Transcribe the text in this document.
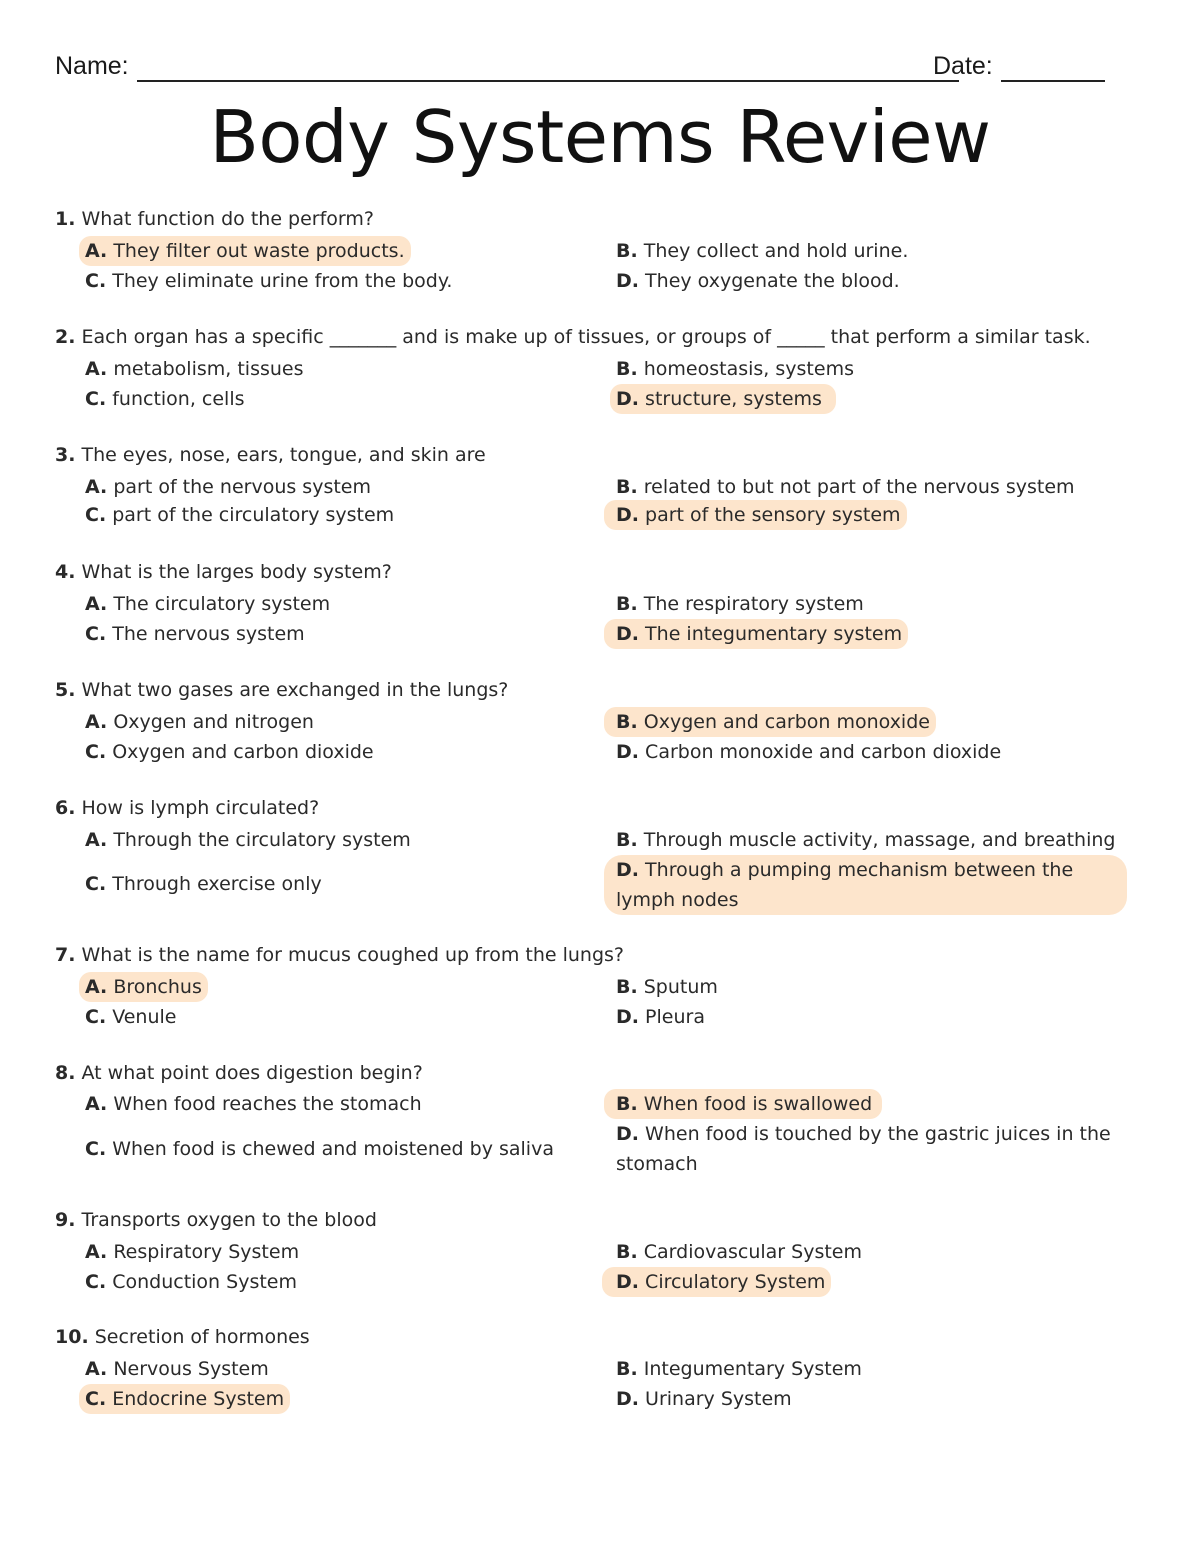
Name:	Date:
Body Systems Review
1. What function do the perform?
A. They filter out waste products.	B. They collect and hold urine.
C. They eliminate urine from the body.	D. They oxygenate the blood.
2. Each organ has a specific _______ and is make up of tissues, or groups of _____ that perform a similar task.
A. metabolism, tissues	B. homeostasis, systems
C. function, cells	D. structure, systems
3. The eyes, nose, ears, tongue, and skin are
A. part of the nervous system	B. related to but not part of the nervous system
C. part of the circulatory system	D. part of the sensory system
4. What is the larges body system?
A. The circulatory system	B. The respiratory system
C. The nervous system	D. The integumentary system
5. What two gases are exchanged in the lungs?
A. Oxygen and nitrogen	B. Oxygen and carbon monoxide
C. Oxygen and carbon dioxide	D. Carbon monoxide and carbon dioxide
6. How is lymph circulated?
A. Through the circulatory system	B. Through muscle activity, massage, and breathing
C. Through exercise only
D. Through a pumping mechanism between the lymph nodes
7. What is the name for mucus coughed up from the lungs?
A. Bronchus	B. Sputum
C. Venule	D. Pleura
8. At what point does digestion begin?
A. When food reaches the stomach	B. When food is swallowed
C. When food is chewed and moistened by saliva
D. When food is touched by the gastric juices in the stomach
9. Transports oxygen to the blood
A. Respiratory System	B. Cardiovascular System
C. Conduction System	D. Circulatory System
10. Secretion of hormones
A. Nervous System	B. Integumentary System
C. Endocrine System	D. Urinary System
